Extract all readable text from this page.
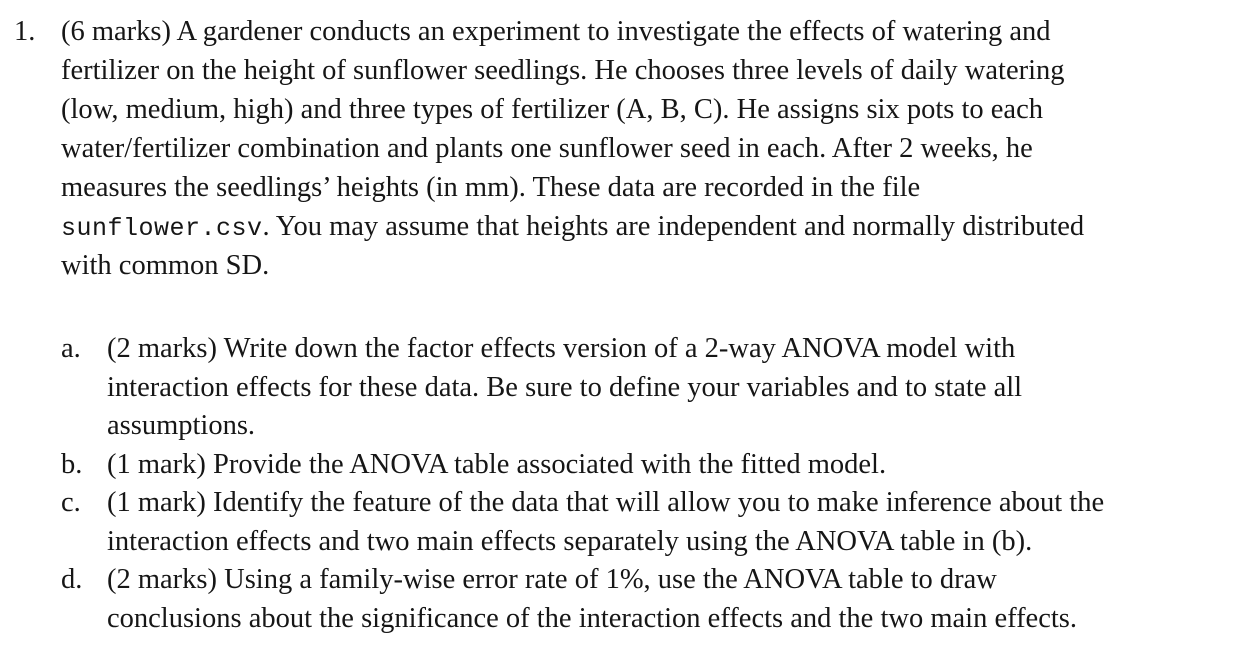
1. (6 marks) A gardener conducts an experiment to investigate the effects of watering and
fertilizer on the height of sunflower seedlings. He chooses three levels of daily watering
(low, medium, high) and three types of fertilizer (A, B, C). He assigns six pots to each
water/fertilizer combination and plants one sunflower seed in each. After 2 weeks, he
measures the seedlings’ heights (in mm). These data are recorded in the file
sunflower.csv. You may assume that heights are independent and normally distributed
with common SD.
a. (2 marks) Write down the factor effects version of a 2-way ANOVA model with
interaction effects for these data. Be sure to define your variables and to state all
assumptions.
b. (1 mark) Provide the ANOVA table associated with the fitted model.
c. (1 mark) Identify the feature of the data that will allow you to make inference about the
interaction effects and two main effects separately using the ANOVA table in (b).
d. (2 marks) Using a family-wise error rate of 1%, use the ANOVA table to draw
conclusions about the significance of the interaction effects and the two main effects.
